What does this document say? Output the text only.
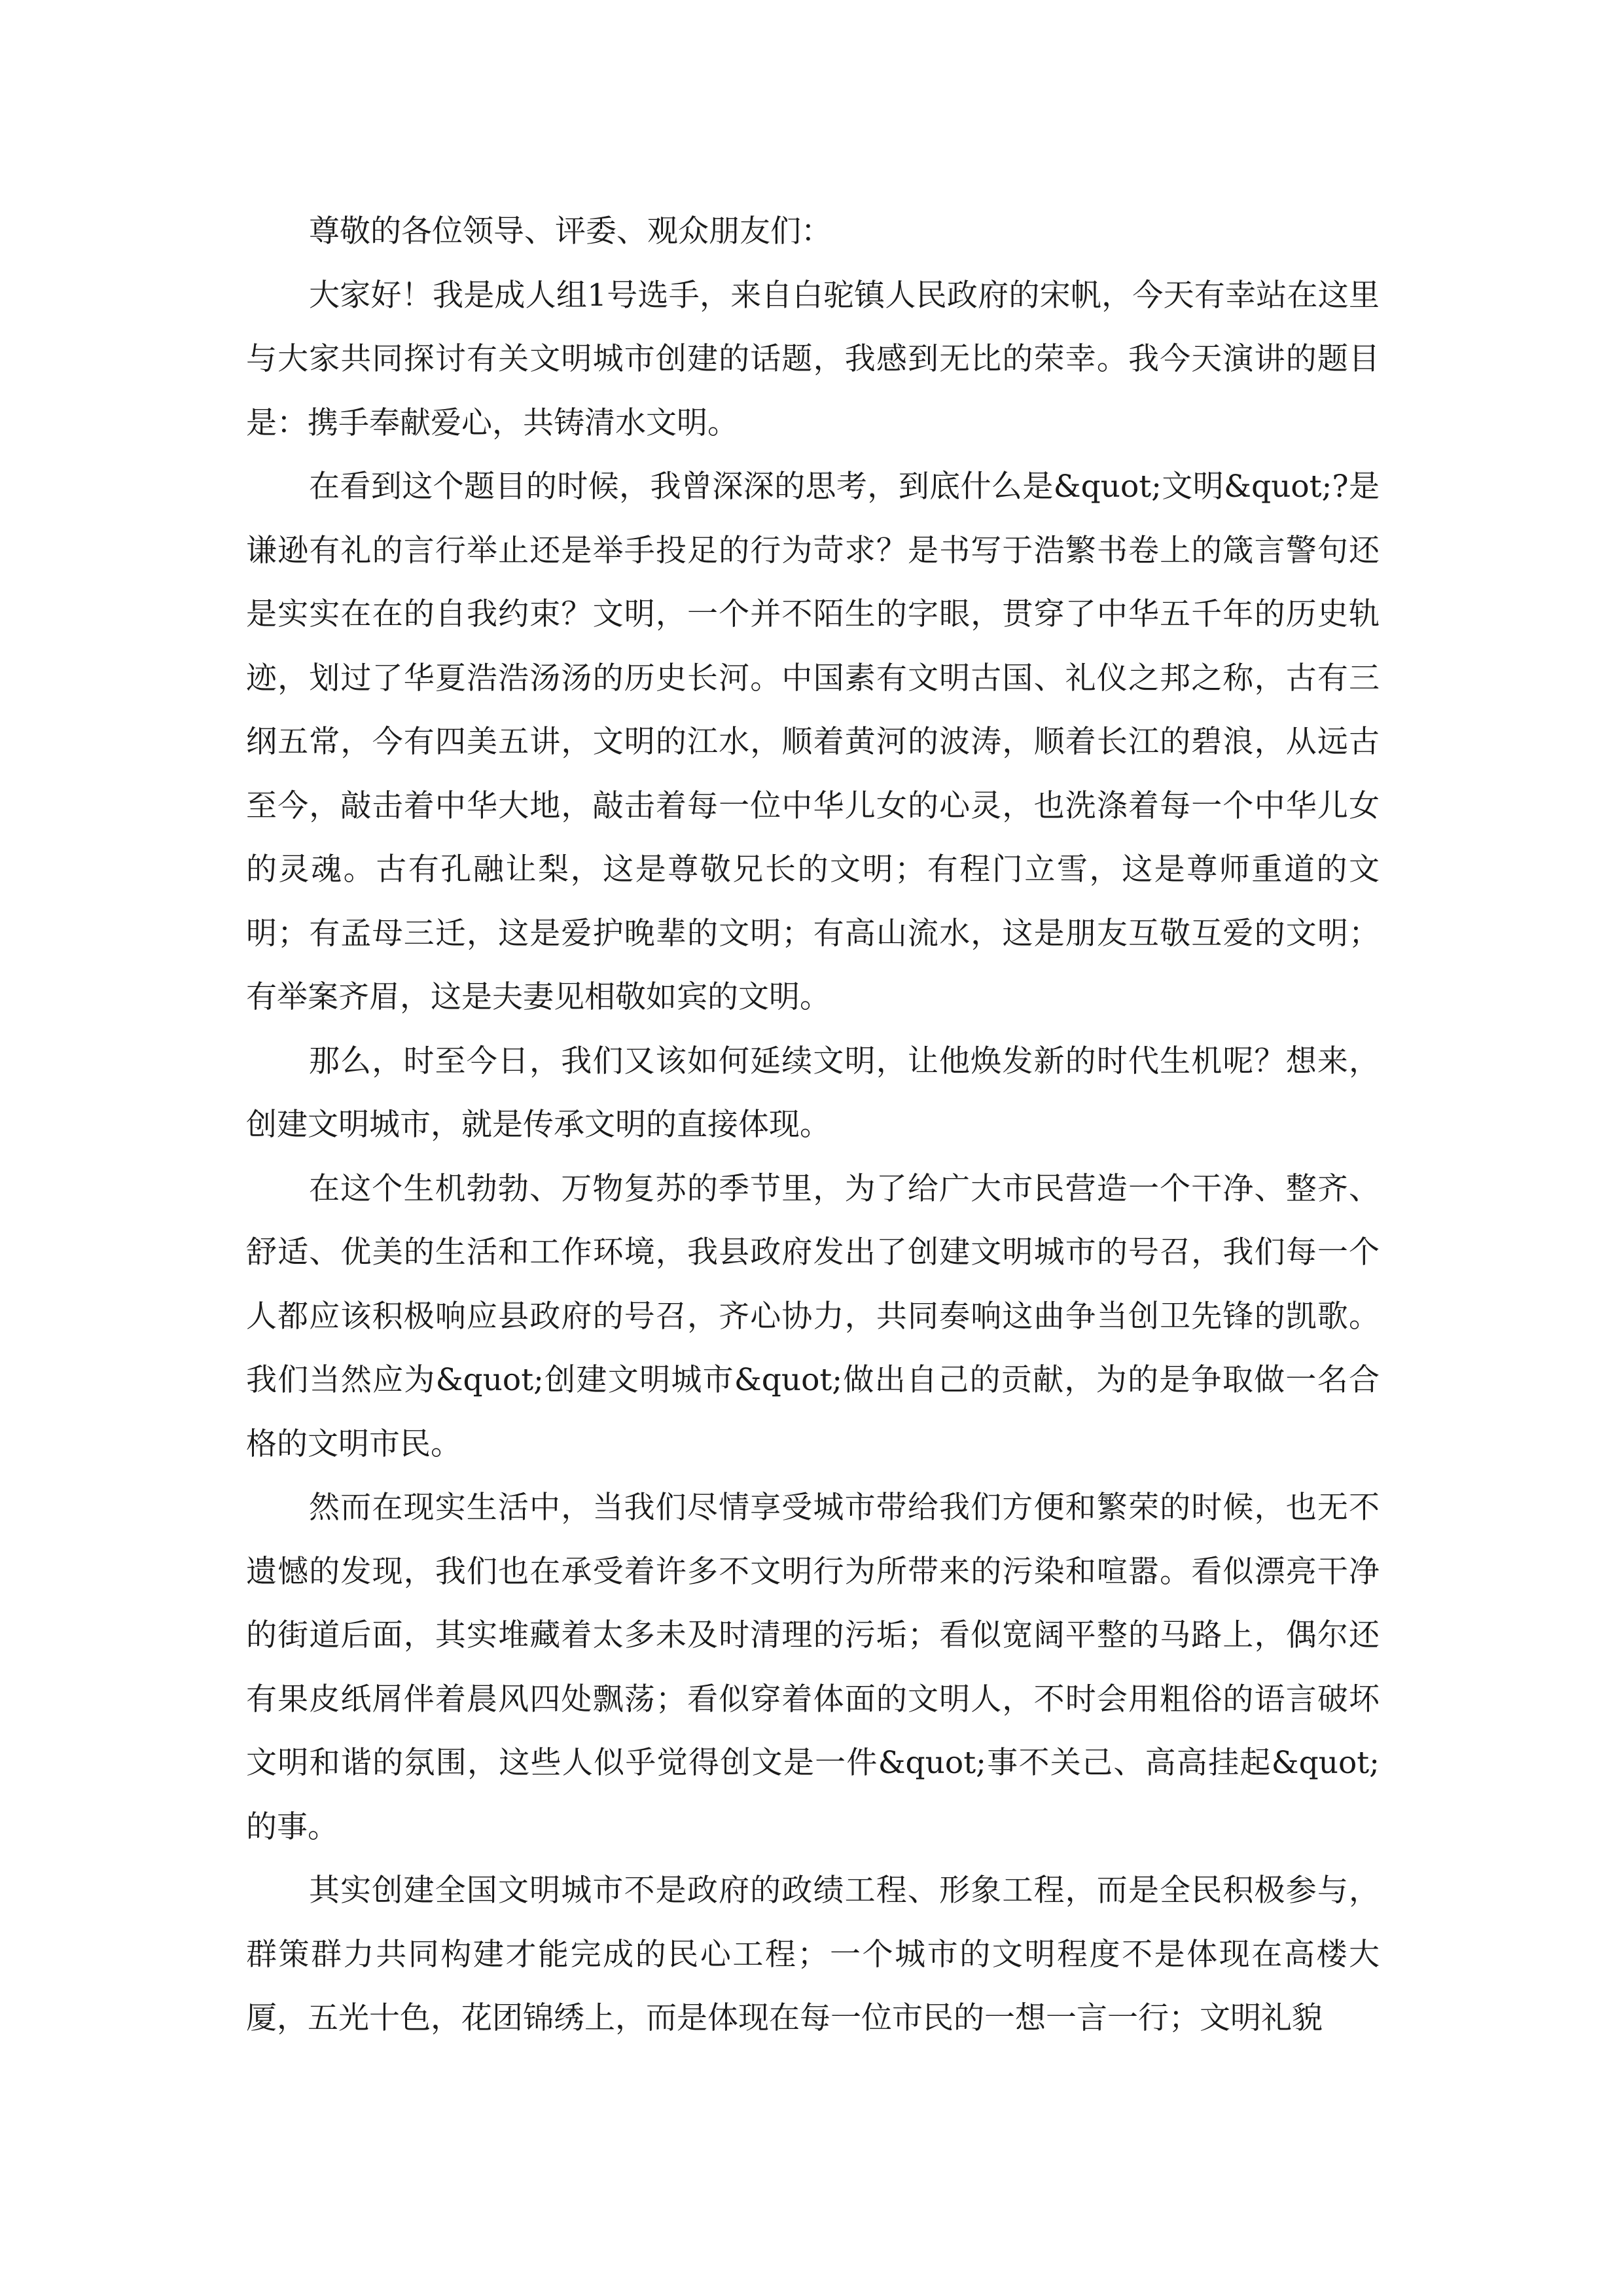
尊敬的各位领导、评委、观众朋友们：

大家好！我是成人组1号选手，来自白驼镇人民政府的宋帆，今天有幸站在这里与大家共同探讨有关文明城市创建的话题，我感到无比的荣幸。我今天演讲的题目是：携手奉献爱心，共铸清水文明。

在看到这个题目的时候，我曾深深的思考，到底什么是&quot;文明&quot;?是谦逊有礼的言行举止还是举手投足的行为苛求？是书写于浩繁书卷上的箴言警句还是实实在在的自我约束？文明，一个并不陌生的字眼，贯穿了中华五千年的历史轨迹，划过了华夏浩浩汤汤的历史长河。中国素有文明古国、礼仪之邦之称，古有三纲五常，今有四美五讲，文明的江水，顺着黄河的波涛，顺着长江的碧浪，从远古至今，敲击着中华大地，敲击着每一位中华儿女的心灵，也洗涤着每一个中华儿女的灵魂。古有孔融让梨，这是尊敬兄长的文明；有程门立雪，这是尊师重道的文明；有孟母三迁，这是爱护晚辈的文明；有高山流水，这是朋友互敬互爱的文明；有举案齐眉，这是夫妻见相敬如宾的文明。

那么，时至今日，我们又该如何延续文明，让他焕发新的时代生机呢？想来，创建文明城市，就是传承文明的直接体现。

在这个生机勃勃、万物复苏的季节里，为了给广大市民营造一个干净、整齐、舒适、优美的生活和工作环境，我县政府发出了创建文明城市的号召，我们每一个人都应该积极响应县政府的号召，齐心协力，共同奏响这曲争当创卫先锋的凯歌。我们当然应为&quot;创建文明城市&quot;做出自己的贡献，为的是争取做一名合格的文明市民。

然而在现实生活中，当我们尽情享受城市带给我们方便和繁荣的时候，也无不遗憾的发现，我们也在承受着许多不文明行为所带来的污染和喧嚣。看似漂亮干净的街道后面，其实堆藏着太多未及时清理的污垢；看似宽阔平整的马路上，偶尔还有果皮纸屑伴着晨风四处飘荡；看似穿着体面的文明人，不时会用粗俗的语言破坏文明和谐的氛围，这些人似乎觉得创文是一件&quot;事不关己、高高挂起&quot;的事。

其实创建全国文明城市不是政府的政绩工程、形象工程，而是全民积极参与，群策群力共同构建才能完成的民心工程；一个城市的文明程度不是体现在高楼大厦，五光十色，花团锦绣上，而是体现在每一位市民的一想一言一行；文明礼貌
